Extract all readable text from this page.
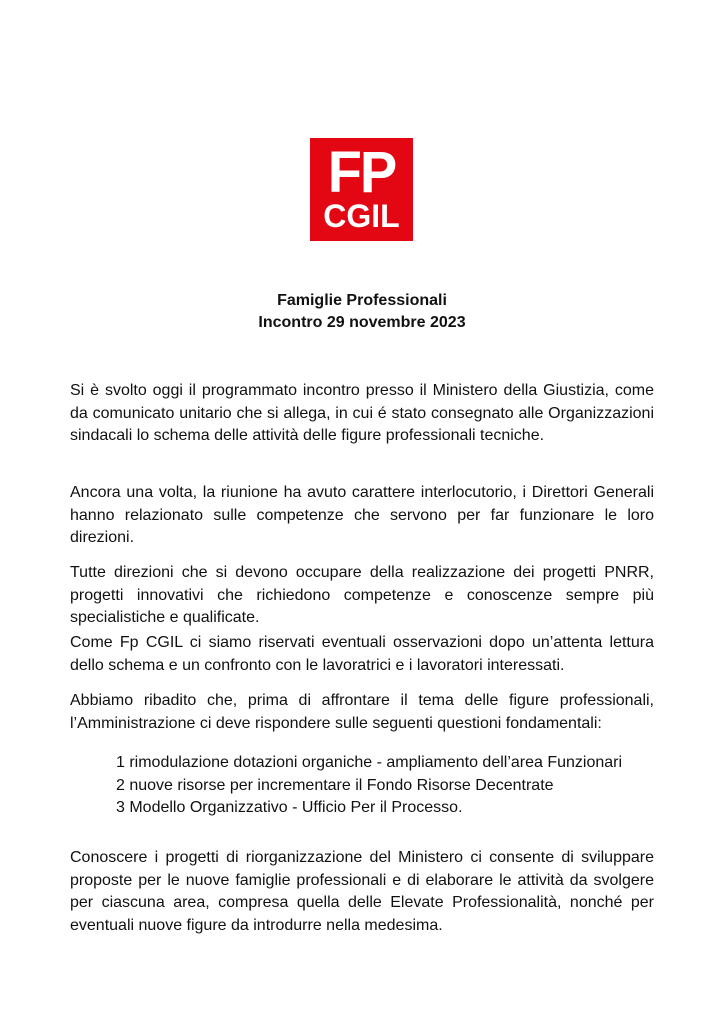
FP
CGIL
Famiglie Professionali
Incontro 29 novembre 2023

Si è svolto oggi il programmato incontro presso il Ministero della Giustizia, come da comunicato unitario che si allega, in cui é stato consegnato alle Organizzazioni sindacali lo schema delle attività delle figure professionali tecniche.

Ancora una volta, la riunione ha avuto carattere interlocutorio, i Direttori Generali hanno relazionato sulle competenze che servono per far funzionare le loro direzioni.

Tutte direzioni che si devono occupare della realizzazione dei progetti PNRR, progetti innovativi che richiedono competenze e conoscenze sempre più specialistiche e qualificate.

Come Fp CGIL ci siamo riservati eventuali osservazioni dopo un’attenta lettura dello schema e un confronto con le lavoratrici e i lavoratori interessati.

Abbiamo ribadito che, prima di affrontare il tema delle figure professionali, l’Amministrazione ci deve rispondere sulle seguenti questioni fondamentali:

1 rimodulazione dotazioni organiche - ampliamento dell’area Funzionari
2 nuove risorse per incrementare il Fondo Risorse Decentrate
3 Modello Organizzativo - Ufficio Per il Processo.

Conoscere i progetti di riorganizzazione del Ministero ci consente di sviluppare proposte per le nuove famiglie professionali e di elaborare le attività da svolgere per ciascuna area, compresa quella delle Elevate Professionalità, nonché per eventuali nuove figure da introdurre nella medesima.
